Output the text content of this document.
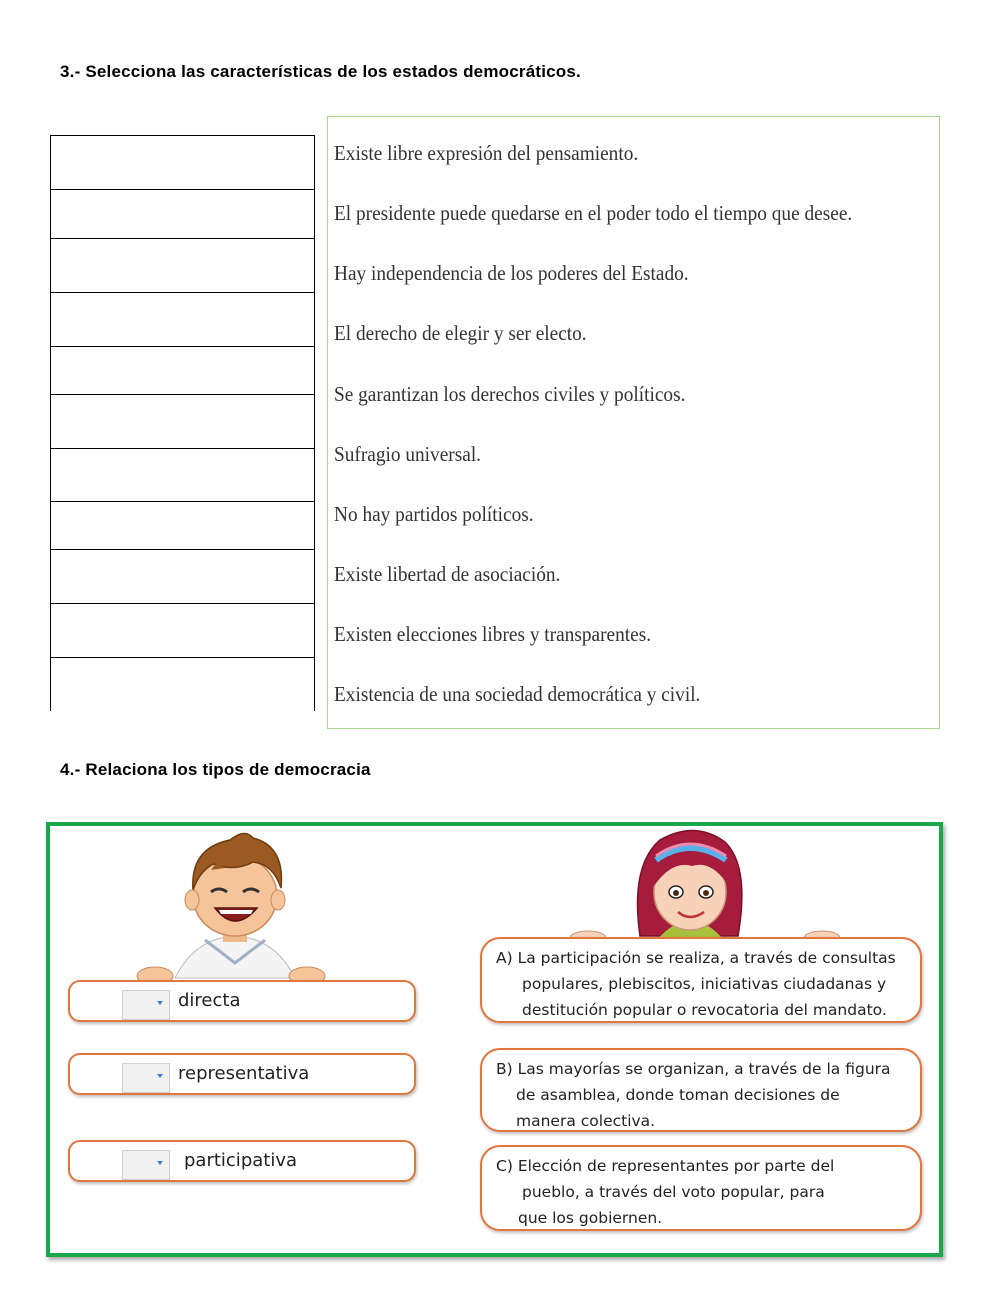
3.- Selecciona las características de los estados democráticos.
Existe libre expresión del pensamiento.
El presidente puede quedarse en el poder todo el tiempo que desee.
Hay independencia de los poderes del Estado.
El derecho de elegir y ser electo.
Se garantizan los derechos civiles y políticos.
Sufragio universal.
No hay partidos políticos.
Existe libertad de asociación.
Existen elecciones libres y transparentes.
Existencia de una sociedad democrática y civil.
4.- Relaciona los tipos de democracia
directa
representativa
participativa
A) La participación se realiza, a través de consultas
populares, plebiscitos, iniciativas ciudadanas y
destitución popular o revocatoria del mandato.
B) Las mayorías se organizan, a través de la figura
de asamblea, donde toman decisiones de
manera colectiva.
C) Elección de representantes por parte del
pueblo, a través del voto popular, para
que los gobiernen.
